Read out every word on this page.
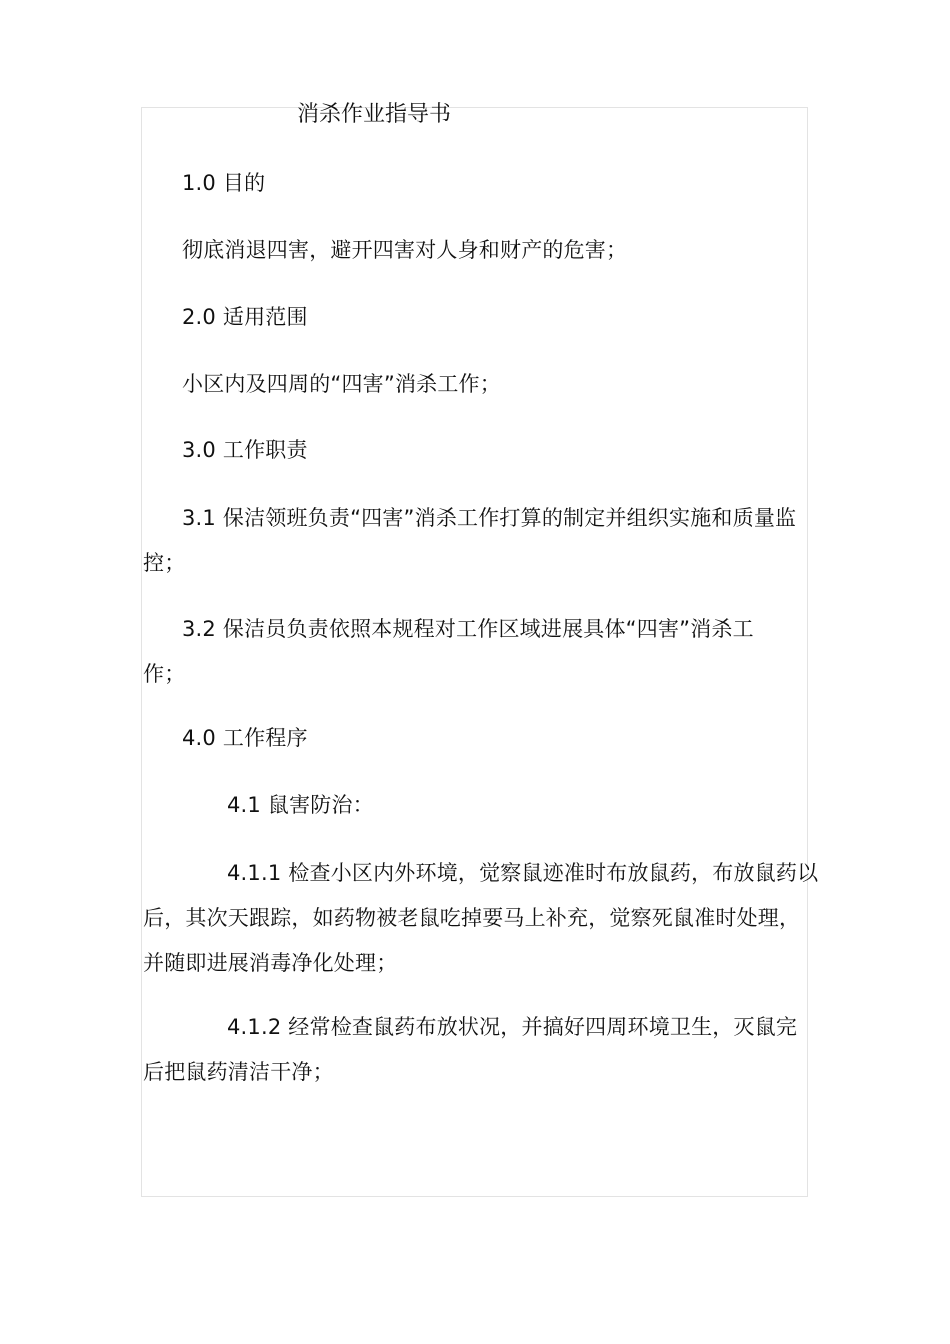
消杀作业指导书
1.0 目的
彻底消退四害，避开四害对人身和财产的危害；
2.0 适用范围
小区内及四周的“四害”消杀工作；
3.0 工作职责
3.1 保洁领班负责“四害”消杀工作打算的制定并组织实施和质量监控；
3.2 保洁员负责依照本规程对工作区域进展具体“四害”消杀工作；
4.0 工作程序
4.1 鼠害防治：
4.1.1 检查小区内外环境，觉察鼠迹准时布放鼠药，布放鼠药以后，其次天跟踪，如药物被老鼠吃掉要马上补充，觉察死鼠准时处理，并随即进展消毒净化处理；
4.1.2 经常检查鼠药布放状况，并搞好四周环境卫生，灭鼠完后把鼠药清洁干净；
